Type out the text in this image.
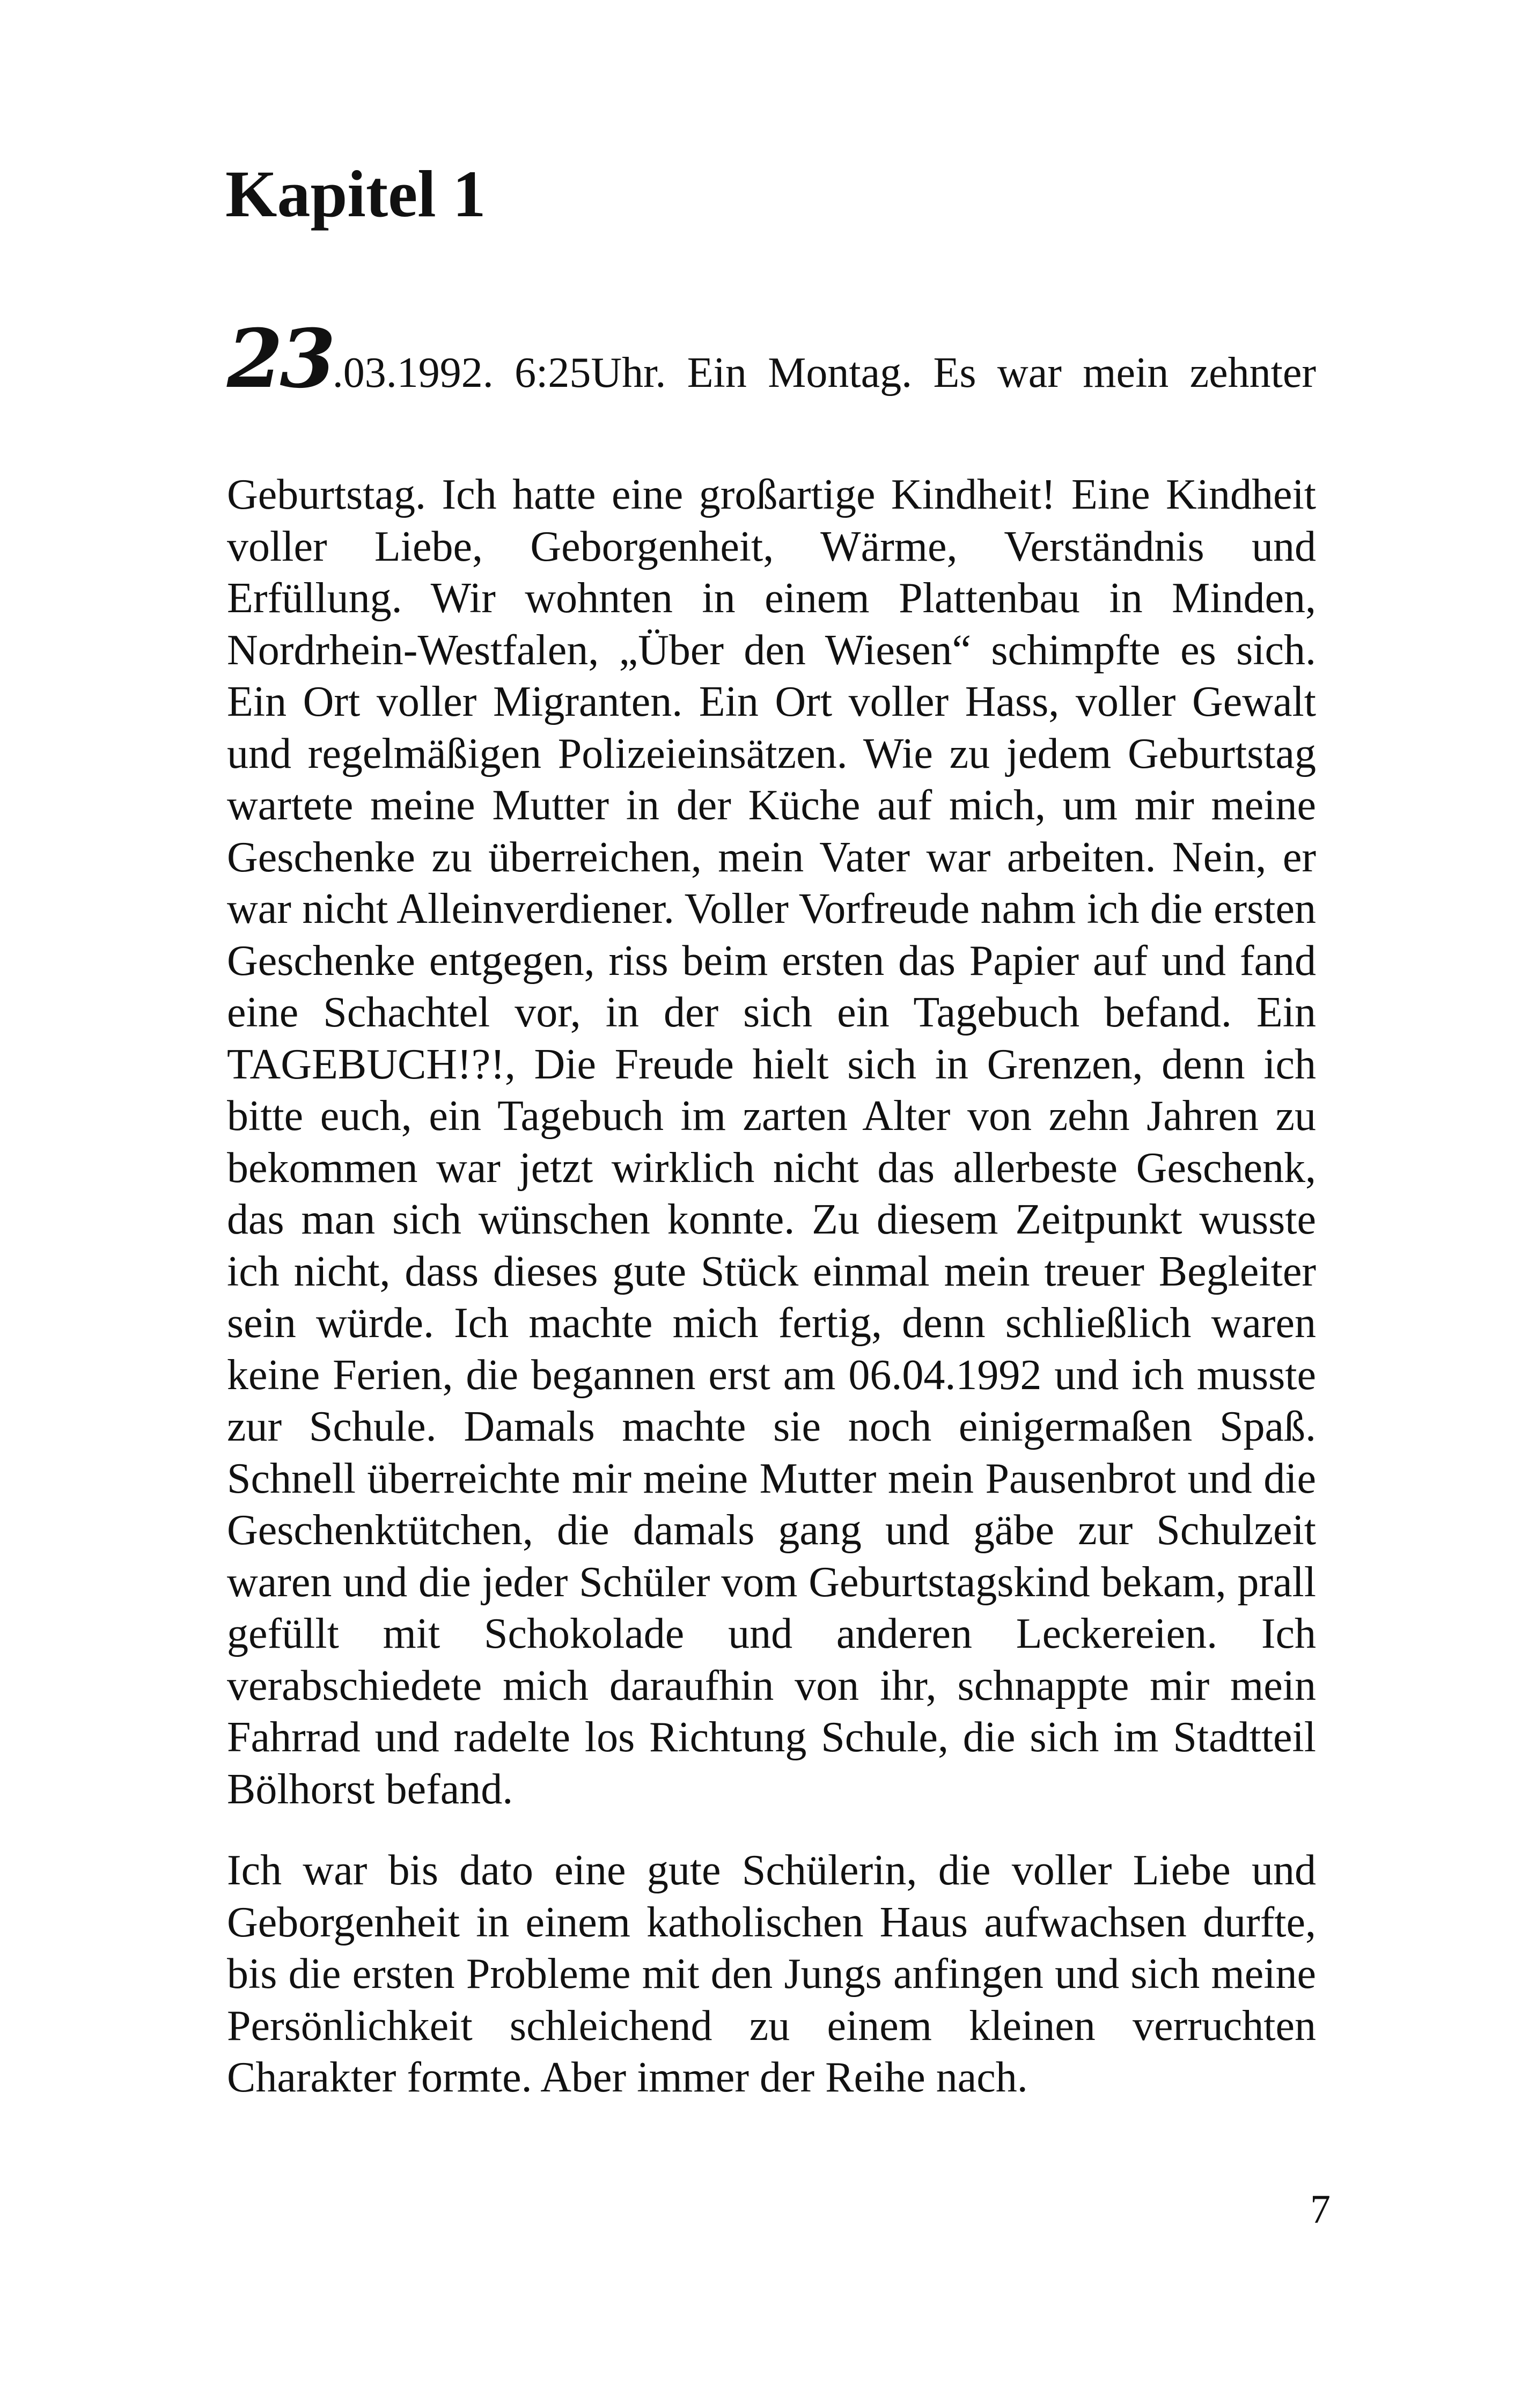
Kapitel 1
23.03.1992. 6:25Uhr. Ein Montag. Es war mein zehnter

Geburtstag. Ich hatte eine großartige Kindheit! Eine Kindheit voller Liebe, Geborgenheit, Wärme, Verständnis und Erfüllung. Wir wohnten in einem Plattenbau in Minden, Nordrhein-Westfalen, „Über den Wiesen“ schimpfte es sich. Ein Ort voller Migranten. Ein Ort voller Hass, voller Gewalt und regelmäßigen Polizeieinsätzen. Wie zu jedem Geburtstag wartete meine Mutter in der Küche auf mich, um mir meine Geschenke zu überreichen, mein Vater war arbeiten. Nein, er war nicht Alleinverdiener. Voller Vorfreude nahm ich die ersten Geschenke entgegen, riss beim ersten das Papier auf und fand eine Schachtel vor, in der sich ein Tagebuch befand. Ein TAGEBUCH!?!, Die Freude hielt sich in Grenzen, denn ich bitte euch, ein Tagebuch im zarten Alter von zehn Jahren zu bekommen war jetzt wirklich nicht das allerbeste Geschenk, das man sich wünschen konnte. Zu diesem Zeitpunkt wusste ich nicht, dass dieses gute Stück einmal mein treuer Begleiter sein würde. Ich machte mich fertig, denn schließlich waren keine Ferien, die begannen erst am 06.04.1992 und ich musste zur Schule. Damals machte sie noch einigermaßen Spaß. Schnell überreichte mir meine Mutter mein Pausenbrot und die Geschenktütchen, die damals gang und gäbe zur Schulzeit waren und die jeder Schüler vom Geburtstagskind bekam, prall gefüllt mit Schokolade und anderen Leckereien. Ich verabschiedete mich daraufhin von ihr, schnappte mir mein Fahrrad und radelte los Richtung Schule, die sich im Stadtteil Bölhorst befand.

Ich war bis dato eine gute Schülerin, die voller Liebe und Geborgenheit in einem katholischen Haus aufwachsen durfte, bis die ersten Probleme mit den Jungs anfingen und sich meine Persönlichkeit schleichend zu einem kleinen verruchten Charakter formte. Aber immer der Reihe nach.

7
